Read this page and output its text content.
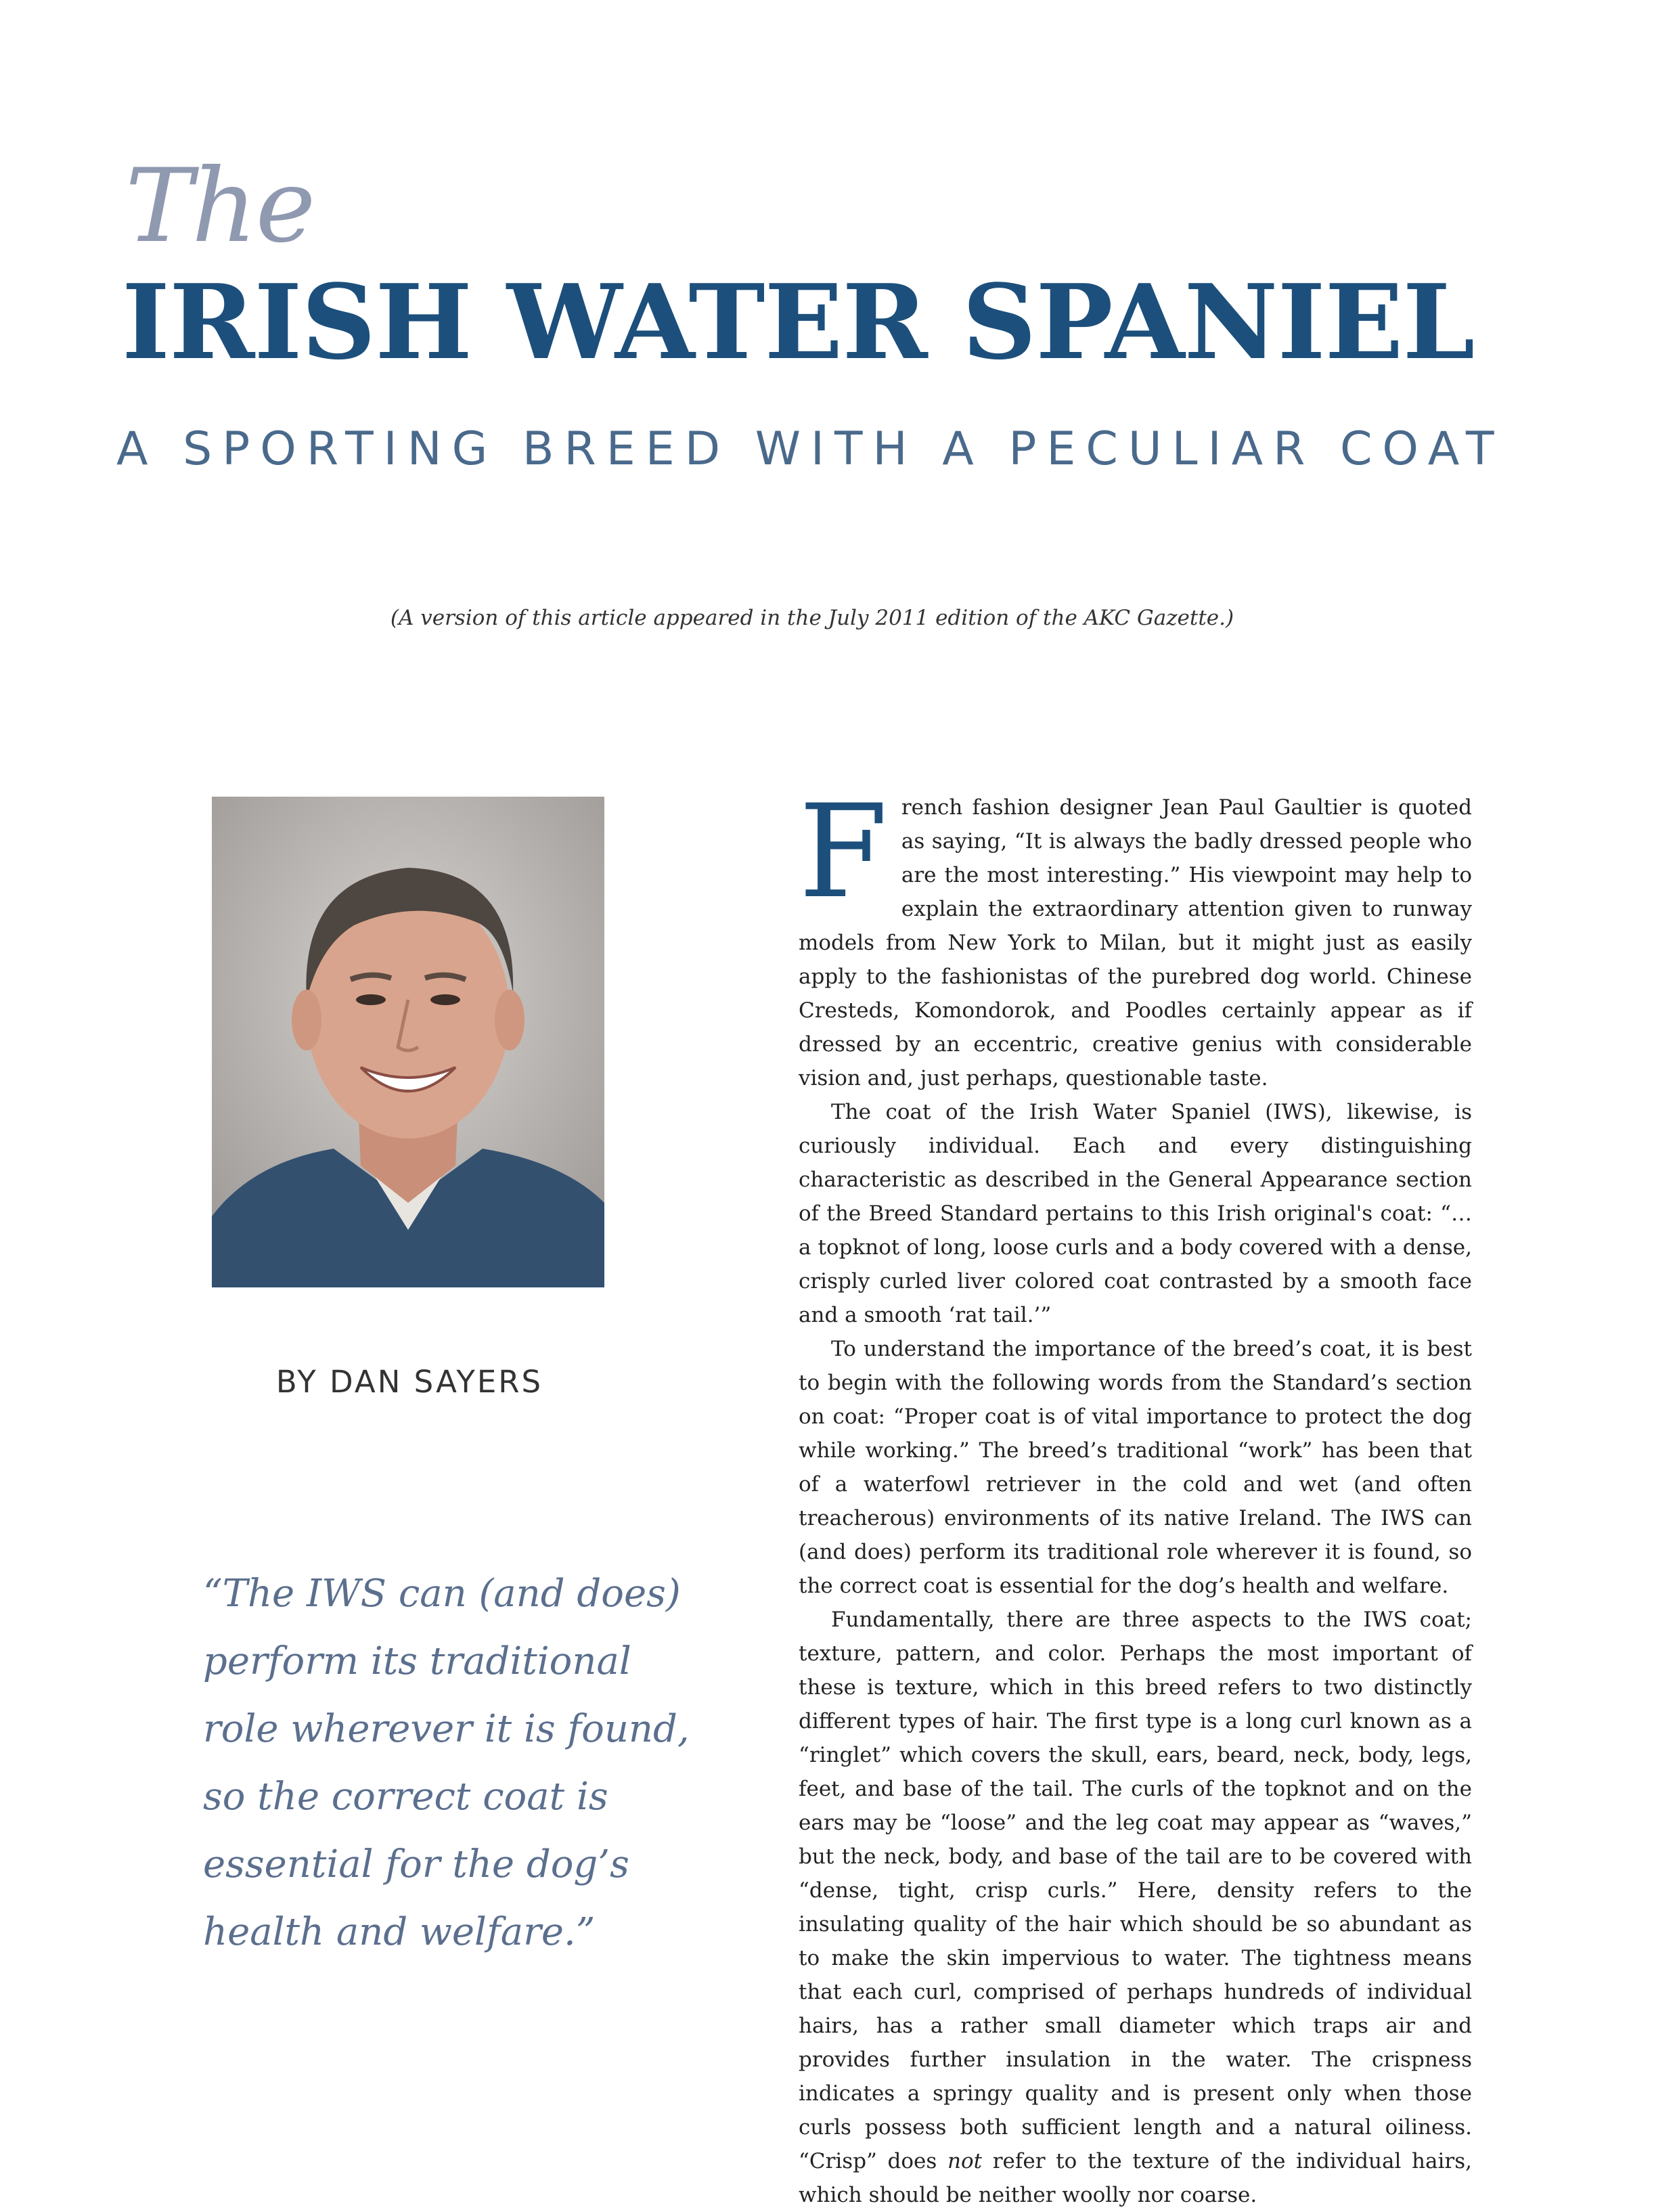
The
IRISH WATER SPANIEL
A SPORTING BREED WITH A PECULIAR COAT
(A version of this article appeared in the July 2011 edition of the AKC Gazette.)
BY DAN SAYERS
“The IWS can (and does)
perform its traditional
role wherever it is found,
so the correct coat is
essential for the dog’s
health and welfare.”

French fashion designer Jean Paul Gaultier is quoted as saying, “It is always the badly dressed people who are the most interesting.” His viewpoint may help to explain the extraordinary attention given to runway models from New York to Milan, but it might just as easily apply to the fashionistas of the purebred dog world. Chinese Cresteds, Komondorok, and Poodles certainly appear as if dressed by an eccentric, creative genius with considerable vision and, just perhaps, questionable taste.

The coat of the Irish Water Spaniel (IWS), likewise, is curiously individual. Each and every distinguishing characteristic as described in the General Appearance section of the Breed Standard pertains to this Irish original's coat: “… a topknot of long, loose curls and a body covered with a dense, crisply curled liver colored coat contrasted by a smooth face and a smooth ‘rat tail.’”

To understand the importance of the breed’s coat, it is best to begin with the following words from the Standard’s section on coat: “Proper coat is of vital importance to protect the dog while working.” The breed’s traditional “work” has been that of a waterfowl retriever in the cold and wet (and often treacherous) environments of its native Ireland. The IWS can (and does) perform its traditional role wherever it is found, so the correct coat is essential for the dog’s health and welfare.

Fundamentally, there are three aspects to the IWS coat; texture, pattern, and color. Perhaps the most important of these is texture, which in this breed refers to two distinctly different types of hair. The first type is a long curl known as a “ringlet” which covers the skull, ears, beard, neck, body, legs, feet, and base of the tail. The curls of the topknot and on the ears may be “loose” and the leg coat may appear as “waves,” but the neck, body, and base of the tail are to be covered with “dense, tight, crisp curls.” Here, density refers to the insulating quality of the hair which should be so abundant as to make the skin impervious to water. The tightness means that each curl, comprised of perhaps hundreds of individual hairs, has a rather small diameter which traps air and provides further insulation in the water. The crispness indicates a springy quality and is present only when those curls possess both sufficient length and a natural oiliness. “Crisp” does not refer to the texture of the individual hairs, which should be neither woolly nor coarse.
